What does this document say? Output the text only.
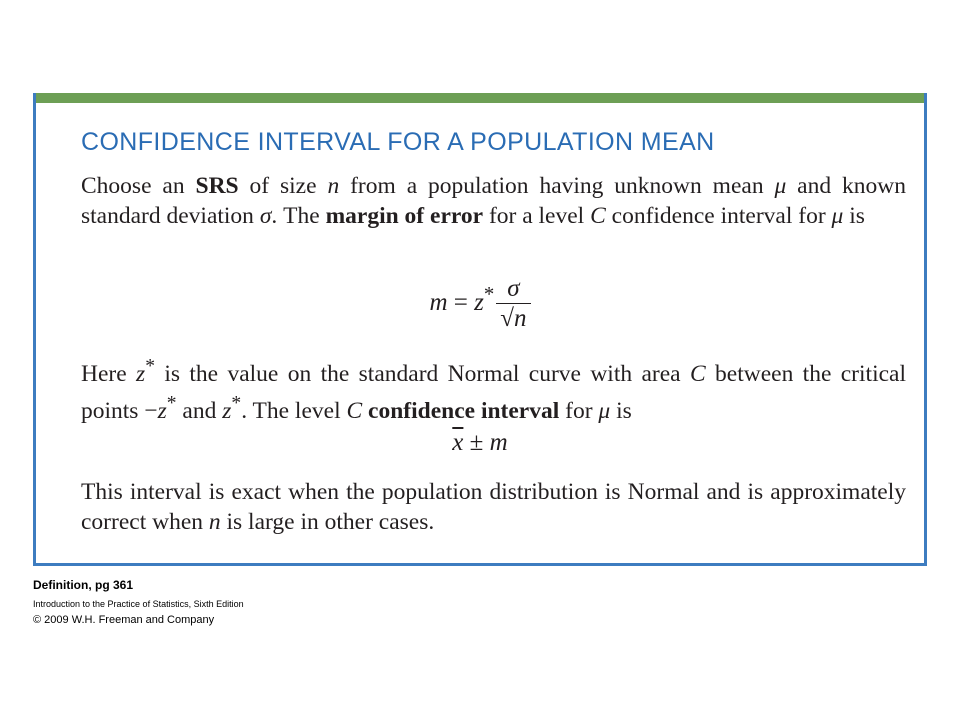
CONFIDENCE INTERVAL FOR A POPULATION MEAN

Choose an SRS of size n from a population having unknown mean μ and known standard deviation σ. The margin of error for a level C confidence interval for μ is

$m = z^* \frac{\sigma}{√n}$

Here z* is the value on the standard Normal curve with area C between the critical points −z* and z*. The level C confidence interval for μ is

$\overline{x} \pm m$

This interval is exact when the population distribution is Normal and is approximately correct when n is large in other cases.

Definition, pg 361
Introduction to the Practice of Statistics, Sixth Edition
© 2009 W.H. Freeman and Company
